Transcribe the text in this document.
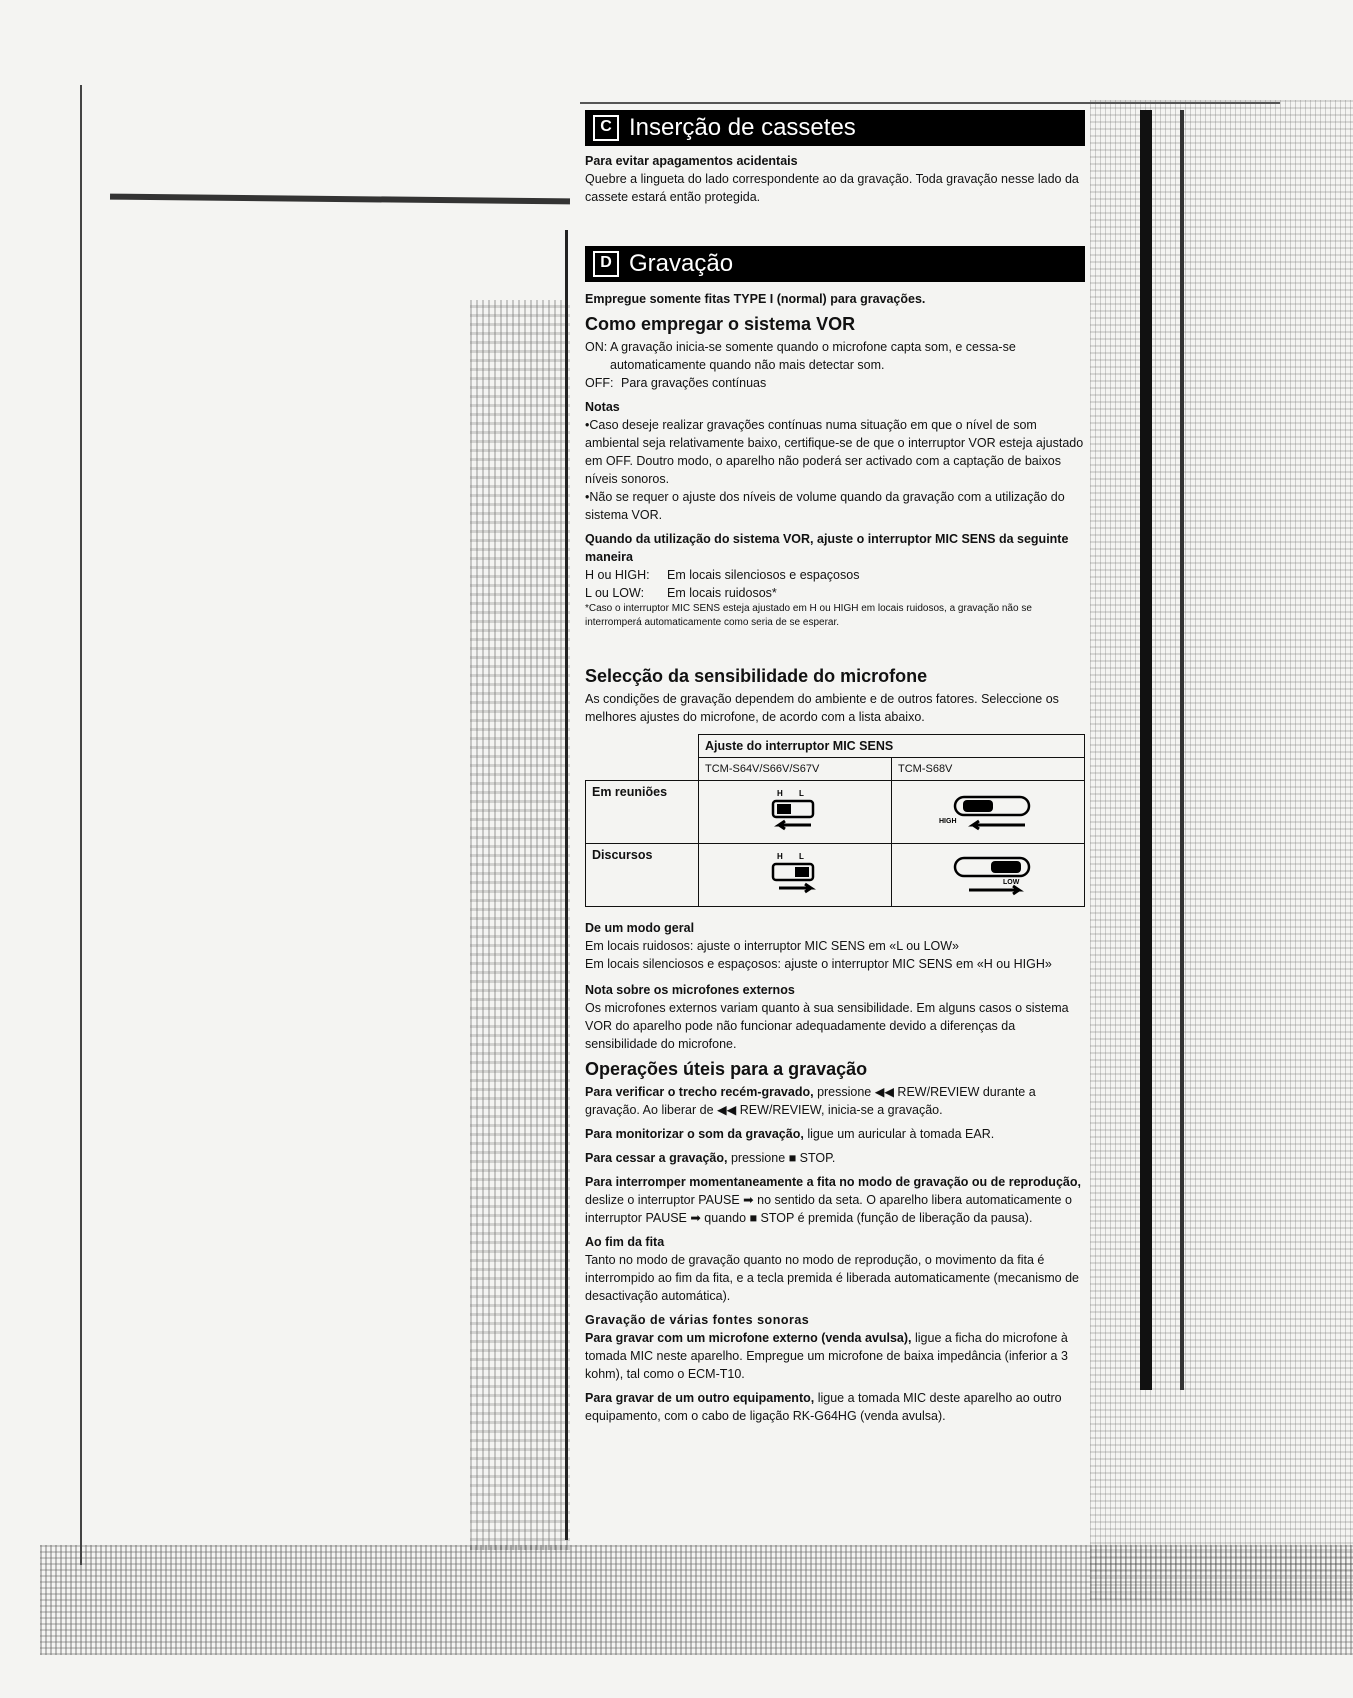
C Inserção de cassetes

Para evitar apagamentos acidentais

Quebre a lingueta do lado correspondente ao da gravação. Toda gravação nesse lado da cassete estará então protegida.

D Gravação

Empregue somente fitas TYPE I (normal) para gravações.

Como empregar o sistema VOR
ON: A gravação inicia-se somente quando o microfone capta som, e cessa-se automaticamente quando não mais detectar som.
OFF: Para gravações contínuas

Notas

•Caso deseje realizar gravações contínuas numa situação em que o nível de som ambiental seja relativamente baixo, certifique-se de que o interruptor VOR esteja ajustado em OFF. Doutro modo, o aparelho não poderá ser activado com a captação de baixos níveis sonoros.

•Não se requer o ajuste dos níveis de volume quando da gravação com a utilização do sistema VOR.

Quando da utilização do sistema VOR, ajuste o interruptor MIC SENS da seguinte maneira

H ou HIGH:	Em locais silenciosos e espaçosos
L ou LOW:	Em locais ruidosos*

*Caso o interruptor MIC SENS esteja ajustado em H ou HIGH em locais ruidosos, a gravação não se interromperá automaticamente como seria de se esperar.

Selecção da sensibilidade do microfone

As condições de gravação dependem do ambiente e de outros fatores. Seleccione os melhores ajustes do microfone, de acordo com a lista abaixo.

	Ajuste do interruptor MIC SENS	
	TCM-S64V/S66V/S67V	TCM-S68V
Em reuniões	H L	HIGH

Discursos	H L	LOW

De um modo geral

Em locais ruidosos: ajuste o interruptor MIC SENS em «L ou LOW»

Em locais silenciosos e espaçosos: ajuste o interruptor MIC SENS em «H ou HIGH»

Nota sobre os microfones externos

Os microfones externos variam quanto à sua sensibilidade. Em alguns casos o sistema VOR do aparelho pode não funcionar adequadamente devido a diferenças da sensibilidade do microfone.

Operações úteis para a gravação

Para verificar o trecho recém-gravado, pressione ◀◀ REW/REVIEW durante a gravação. Ao liberar de ◀◀ REW/REVIEW, inicia-se a gravação.

Para monitorizar o som da gravação, ligue um auricular à tomada EAR.

Para cessar a gravação, pressione ■ STOP.

Para interromper momentaneamente a fita no modo de gravação ou de reprodução, deslize o interruptor PAUSE ➡ no sentido da seta. O aparelho libera automaticamente o interruptor PAUSE ➡ quando ■ STOP é premida (função de liberação da pausa).

Ao fim da fita

Tanto no modo de gravação quanto no modo de reprodução, o movimento da fita é interrompido ao fim da fita, e a tecla premida é liberada automaticamente (mecanismo de desactivação automática).

Gravação de várias fontes sonoras

Para gravar com um microfone externo (venda avulsa), ligue a ficha do microfone à tomada MIC neste aparelho. Empregue um microfone de baixa impedância (inferior a 3 kohm), tal como o ECM-T10.

Para gravar de um outro equipamento, ligue a tomada MIC deste aparelho ao outro equipamento, com o cabo de ligação RK-G64HG (venda avulsa).
